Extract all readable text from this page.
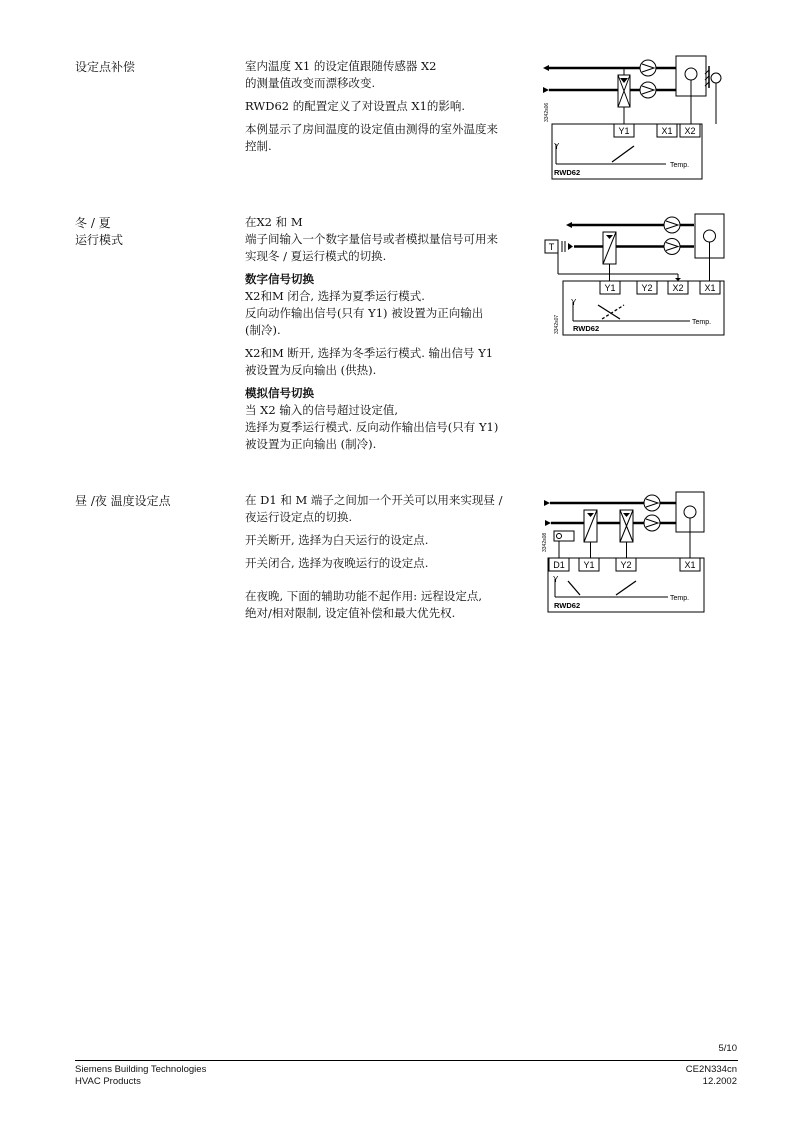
设定点补偿	室内温度 X1 的设定值跟随传感器 X2
的测量值改变而漂移改变.

RWD62 的配置定义了对设置点 X1的影响.

本例显示了房间温度的设定值由测得的室外温度来
控制.

Y1	X1 X2
Y
Temp.
RWD62
3342s06
冬 / 夏
运行模式

在X2 和 M
端子间输入一个数字量信号或者模拟量信号可用来
实现冬 / 夏运行模式的切换.

数字信号切换
X2和M 闭合, 选择为夏季运行模式.
反向动作输出信号(只有 Y1) 被设置为正向输出
(制冷).

X2和M 断开, 选择为冬季运行模式. 输出信号 Y1
被设置为反向输出 (供热).

模拟信号切换
当 X2 输入的信号超过设定值,
选择为夏季运行模式. 反向动作输出信号(只有 Y1)
被设置为正向输出 (制冷).

T
Y1	Y2 X2 X1
Y
Temp.
RWD62
3342s07
昼 /夜 温度设定点	在 D1 和 M 端子之间加一个开关可以用来实现昼 /
夜运行设定点的切换.

开关断开, 选择为白天运行的设定点.

开关闭合, 选择为夜晚运行的设定点.

在夜晚, 下面的辅助功能不起作用: 远程设定点,
绝对/相对限制, 设定值补偿和最大优先权.

D1 Y1	Y2	X1
Y
Temp.
RWD62
3342s08
5/10
Siemens Building Technologies
HVAC Products
CE2N334cn
12.2002
